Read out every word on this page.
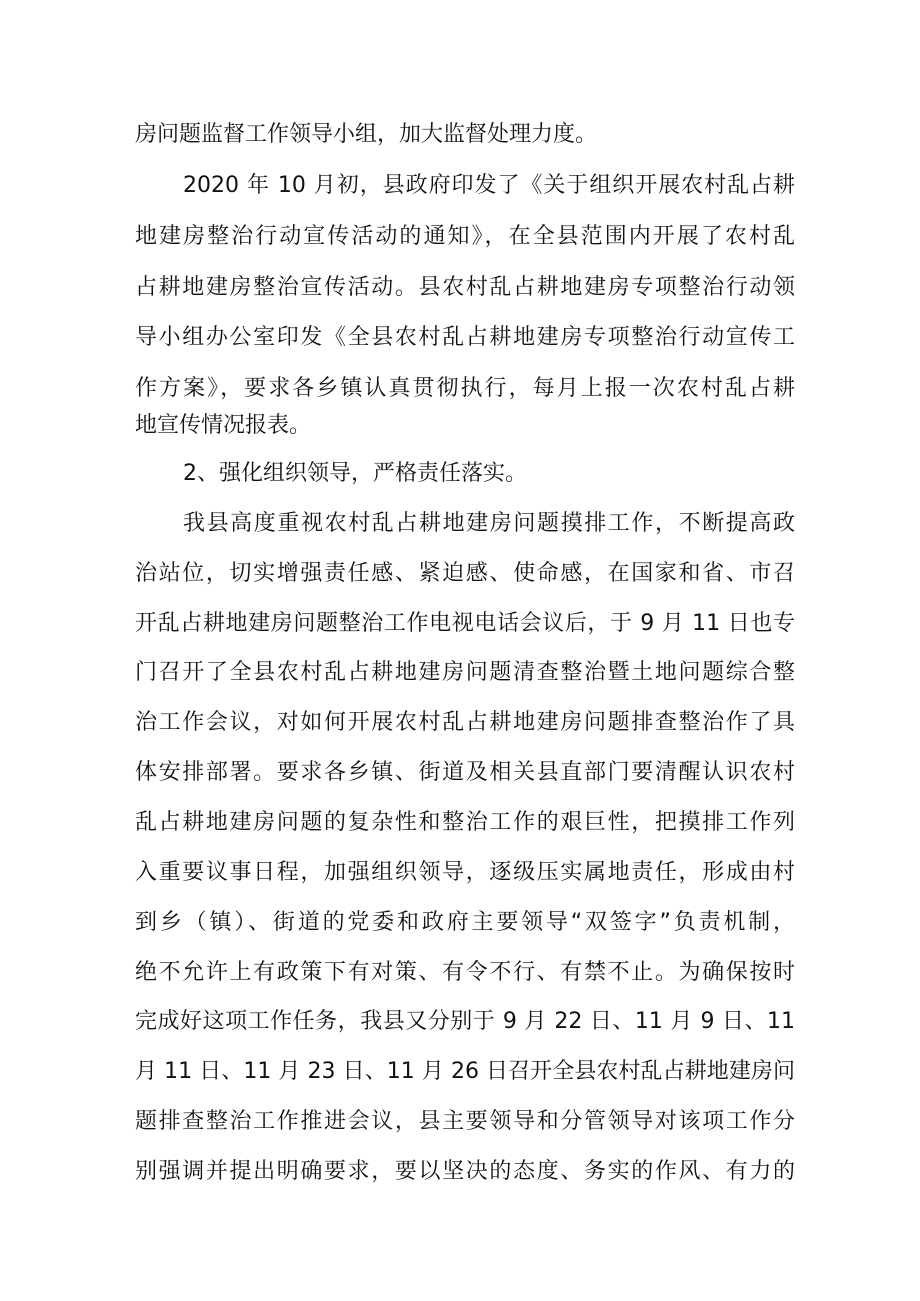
房问题监督工作领导小组，加大监督处理力度。
2020 年 10 月初，县政府印发了《关于组织开展农村乱占耕
地建房整治行动宣传活动的通知》，在全县范围内开展了农村乱
占耕地建房整治宣传活动。县农村乱占耕地建房专项整治行动领
导小组办公室印发《全县农村乱占耕地建房专项整治行动宣传工
作方案》，要求各乡镇认真贯彻执行，每月上报一次农村乱占耕
地宣传情况报表。
2、强化组织领导，严格责任落实。
我县高度重视农村乱占耕地建房问题摸排工作，不断提高政
治站位，切实增强责任感、紧迫感、使命感，在国家和省、市召
开乱占耕地建房问题整治工作电视电话会议后，于 9 月 11 日也专
门召开了全县农村乱占耕地建房问题清查整治暨土地问题综合整
治工作会议，对如何开展农村乱占耕地建房问题排查整治作了具
体安排部署。要求各乡镇、街道及相关县直部门要清醒认识农村
乱占耕地建房问题的复杂性和整治工作的艰巨性，把摸排工作列
入重要议事日程，加强组织领导，逐级压实属地责任，形成由村
到乡（镇）、街道的党委和政府主要领导“双签字”负责机制，
绝不允许上有政策下有对策、有令不行、有禁不止。为确保按时
完成好这项工作任务，我县又分别于 9 月 22 日、11 月 9 日、11
月 11 日、11 月 23 日、11 月 26 日召开全县农村乱占耕地建房问
题排查整治工作推进会议，县主要领导和分管领导对该项工作分
别强调并提出明确要求，要以坚决的态度、务实的作风、有力的
